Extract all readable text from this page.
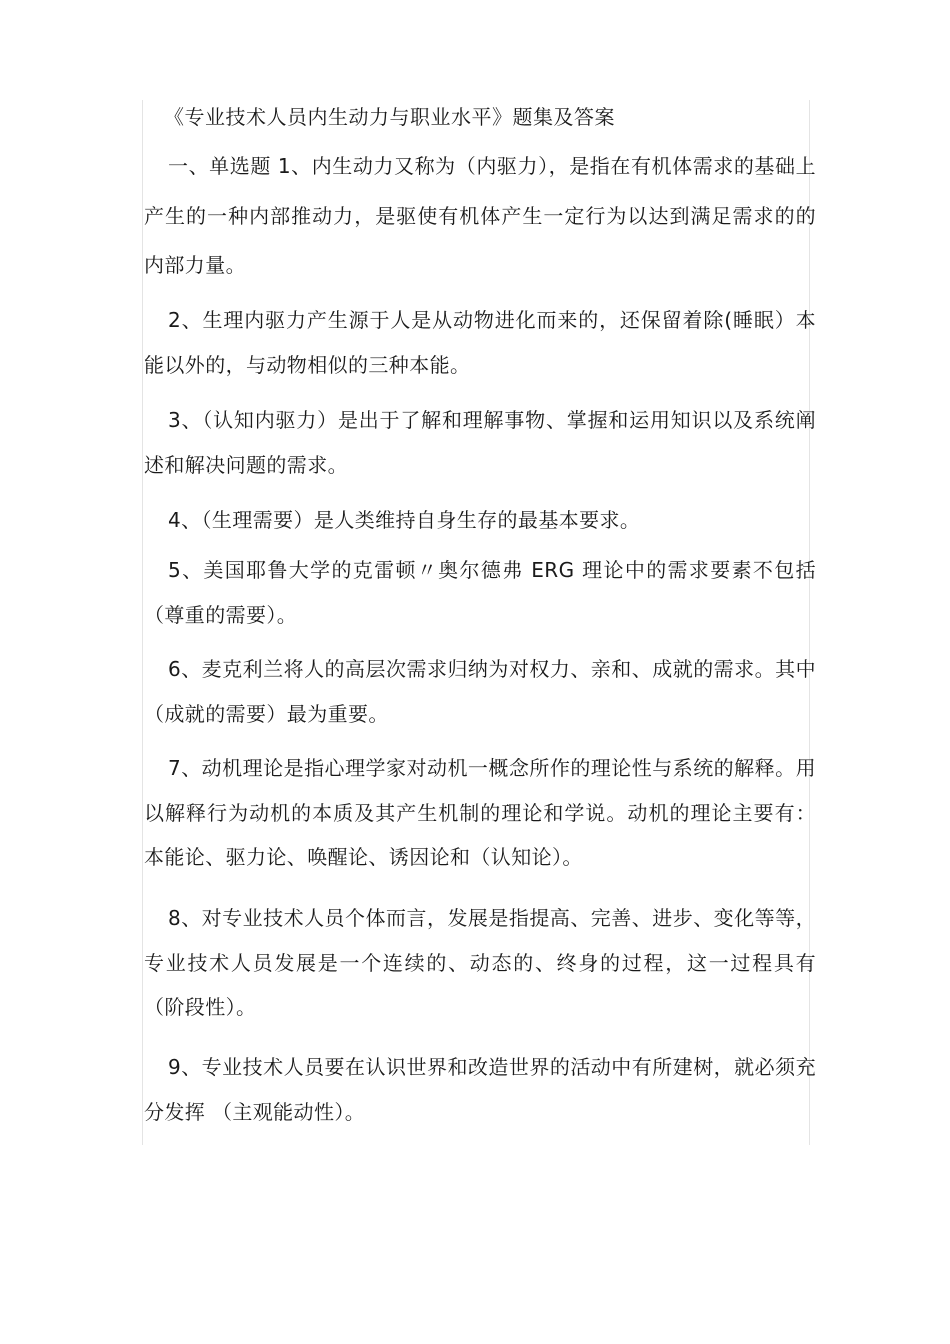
《专业技术人员内生动力与职业水平》题集及答案

一、单选题 1、内生动力又称为（内驱力），是指在有机体需求的基础上产生的一种内部推动力，是驱使有机体产生一定行为以达到满足需求的的内部力量。

2、生理内驱力产生源于人是从动物进化而来的，还保留着除(睡眠）本能以外的，与动物相似的三种本能。

3、（认知内驱力）是出于了解和理解事物、掌握和运用知识以及系统阐述和解决问题的需求。

4、（生理需要）是人类维持自身生存的最基本要求。

5、美国耶鲁大学的克雷顿〃奥尔德弗 ERG 理论中的需求要素不包括（尊重的需要）。

6、麦克利兰将人的高层次需求归纳为对权力、亲和、成就的需求。其中 （成就的需要）最为重要。

7、动机理论是指心理学家对动机一概念所作的理论性与系统的解释。用以解释行为动机的本质及其产生机制的理论和学说。动机的理论主要有：本能论、驱力论、唤醒论、诱因论和（认知论）。

8、对专业技术人员个体而言，发展是指提高、完善、进步、变化等等，专业技术人员发展是一个连续的、动态的、终身的过程，这一过程具有（阶段性）。

9、专业技术人员要在认识世界和改造世界的活动中有所建树，就必须充分发挥 （主观能动性）。
